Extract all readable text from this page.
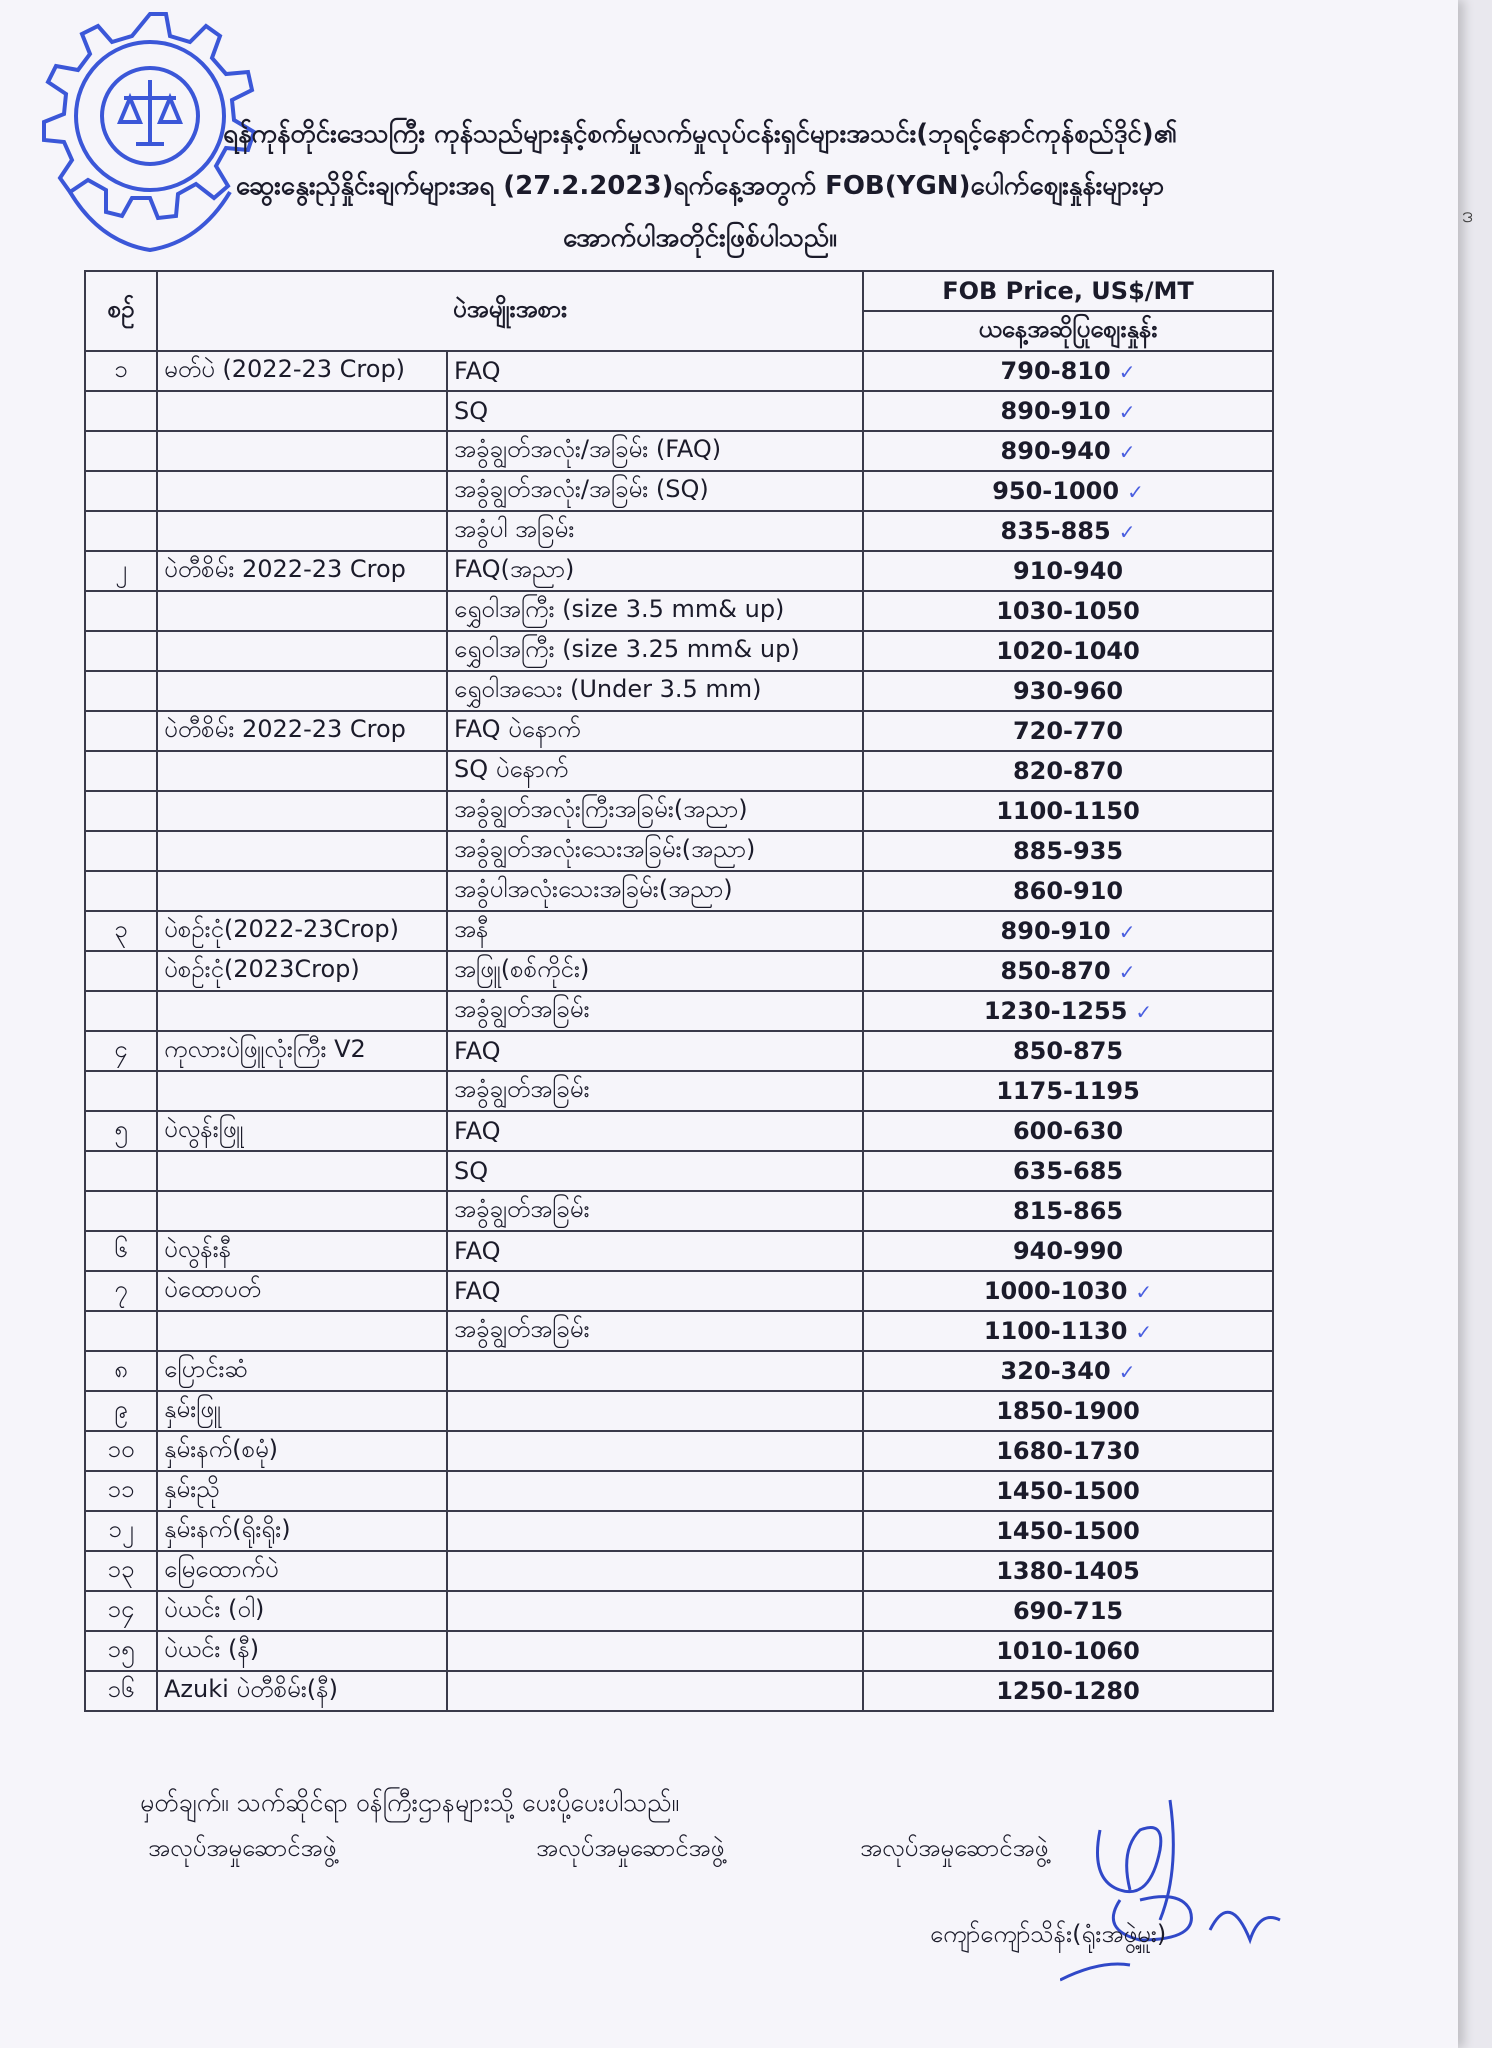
ရန်ကုန်တိုင်းဒေသကြီး ကုန်သည်များနှင့်စက်မှုလက်မှုလုပ်ငန်းရှင်များအသင်း(ဘုရင့်နောင်ကုန်စည်ဒိုင်)၏
ဆွေးနွေးညှိနှိုင်းချက်များအရ (27.2.2023)ရက်နေ့အတွက် FOB(YGN)ပေါက်စျေးနှုန်းများမှာ
အောက်ပါအတိုင်းဖြစ်ပါသည်။
စဉ်	ပဲအမျိုးအစား		FOB Price, US$/MT
			ယနေ့အဆိုပြုစျေးနှုန်း
၁	မတ်ပဲ (2022-23 Crop)	FAQ	790-810 ✓
		SQ	890-910 ✓
		အခွံချွတ်အလုံး/အခြမ်း (FAQ)	890-940 ✓
		အခွံချွတ်အလုံး/အခြမ်း (SQ)	950-1000 ✓
		အခွံပါ အခြမ်း	835-885 ✓
၂	ပဲတီစိမ်း 2022-23 Crop	FAQ(အညာ)	910-940
		ရွှေဝါအကြီး (size 3.5 mm& up)	1030-1050
		ရွှေဝါအကြီး (size 3.25 mm& up)	1020-1040
		ရွှေဝါအသေး (Under 3.5 mm)	930-960
	ပဲတီစိမ်း 2022-23 Crop	FAQ ပဲနောက်	720-770
		SQ ပဲနောက်	820-870
		အခွံချွတ်အလုံးကြီးအခြမ်း(အညာ)	1100-1150
		အခွံချွတ်အလုံးသေးအခြမ်း(အညာ)	885-935
		အခွံပါအလုံးသေးအခြမ်း(အညာ)	860-910
၃	ပဲစဉ်းငုံ(2022-23Crop)	အနီ	890-910 ✓
	ပဲစဉ်းငုံ(2023Crop)	အဖြူ(စစ်ကိုင်း)	850-870 ✓
		အခွံချွတ်အခြမ်း	1230-1255 ✓
၄	ကုလားပဲဖြူလုံးကြီး V2	FAQ	850-875
		အခွံချွတ်အခြမ်း	1175-1195
၅	ပဲလွန်းဖြူ	FAQ	600-630
		SQ	635-685
		အခွံချွတ်အခြမ်း	815-865
၆	ပဲလွန်းနီ	FAQ	940-990
၇	ပဲထောပတ်	FAQ	1000-1030 ✓
		အခွံချွတ်အခြမ်း	1100-1130 ✓
၈	ပြောင်းဆံ		320-340 ✓
၉	နှမ်းဖြူ		1850-1900
၁၀	နှမ်းနက်(စမုံ)		1680-1730
၁၁	နှမ်းညို		1450-1500
၁၂	နှမ်းနက်(ရိုးရိုး)		1450-1500
၁၃	မြေထောက်ပဲ		1380-1405
၁၄	ပဲယင်း (ဝါ)		690-715
၁၅	ပဲယင်း (နီ)		1010-1060
၁၆	Azuki ပဲတီစိမ်း(နီ)		1250-1280
မှတ်ချက်။ သက်ဆိုင်ရာ ဝန်ကြီးဌာနများသို့ ပေးပို့ပေးပါသည်။
အလုပ်အမှုဆောင်အဖွဲ့	အလုပ်အမှုဆောင်အဖွဲ့	အလုပ်အမှုဆောင်အဖွဲ့
ကျော်ကျော်သိန်း(ရုံးအဖွဲ့မှူး)
ဒ
